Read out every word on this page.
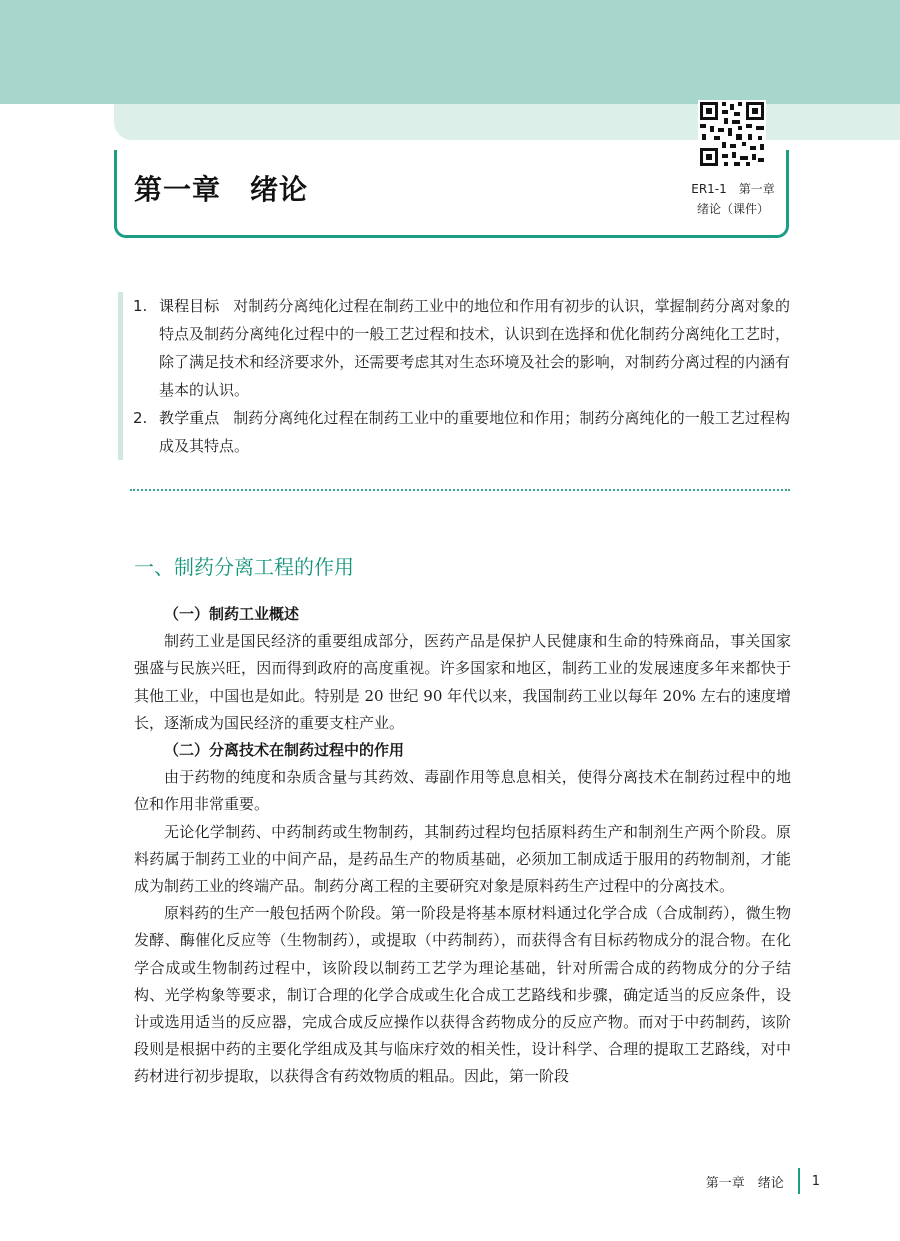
ER1-1　第一章
绪论（课件）
第一章　绪论
1. 课程目标 对制药分离纯化过程在制药工业中的地位和作用有初步的认识，掌握制药分离对象的特点及制药分离纯化过程中的一般工艺过程和技术，认识到在选择和优化制药分离纯化工艺时，除了满足技术和经济要求外，还需要考虑其对生态环境及社会的影响，对制药分离过程的内涵有基本的认识。
2. 教学重点 制药分离纯化过程在制药工业中的重要地位和作用；制药分离纯化的一般工艺过程构成及其特点。
一、制药分离工程的作用
（一）制药工业概述

制药工业是国民经济的重要组成部分，医药产品是保护人民健康和生命的特殊商品，事关国家强盛与民族兴旺，因而得到政府的高度重视。许多国家和地区，制药工业的发展速度多年来都快于其他工业，中国也是如此。特别是 20 世纪 90 年代以来，我国制药工业以每年 20% 左右的速度增长，逐渐成为国民经济的重要支柱产业。

（二）分离技术在制药过程中的作用

由于药物的纯度和杂质含量与其药效、毒副作用等息息相关，使得分离技术在制药过程中的地位和作用非常重要。

无论化学制药、中药制药或生物制药，其制药过程均包括原料药生产和制剂生产两个阶段。原料药属于制药工业的中间产品，是药品生产的物质基础，必须加工制成适于服用的药物制剂，才能成为制药工业的终端产品。制药分离工程的主要研究对象是原料药生产过程中的分离技术。

原料药的生产一般包括两个阶段。第一阶段是将基本原材料通过化学合成（合成制药），微生物发酵、酶催化反应等（生物制药），或提取（中药制药），而获得含有目标药物成分的混合物。在化学合成或生物制药过程中，该阶段以制药工艺学为理论基础，针对所需合成的药物成分的分子结构、光学构象等要求，制订合理的化学合成或生化合成工艺路线和步骤，确定适当的反应条件，设计或选用适当的反应器，完成合成反应操作以获得含药物成分的反应产物。而对于中药制药，该阶段则是根据中药的主要化学组成及其与临床疗效的相关性，设计科学、合理的提取工艺路线，对中药材进行初步提取，以获得含有药效物质的粗品。因此，第一阶段

第一章　绪论 1
